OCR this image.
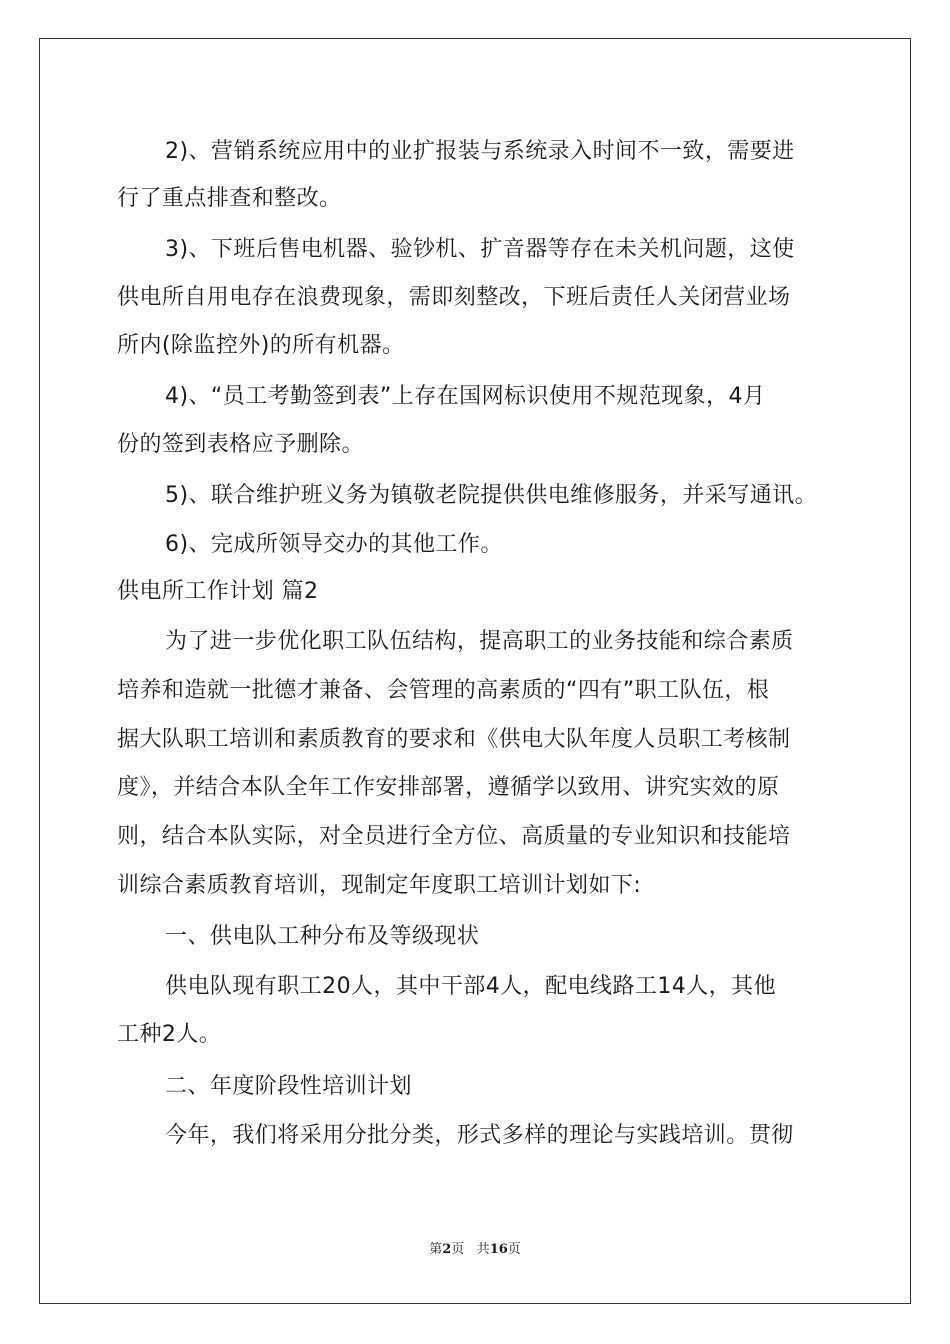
2)、营销系统应用中的业扩报装与系统录入时间不一致，需要进
行了重点排查和整改。
3)、下班后售电机器、验钞机、扩音器等存在未关机问题，这使
供电所自用电存在浪费现象，需即刻整改，下班后责任人关闭营业场
所内(除监控外)的所有机器。
4)、“员工考勤签到表”上存在国网标识使用不规范现象，4月
份的签到表格应予删除。
5)、联合维护班义务为镇敬老院提供供电维修服务，并采写通讯。
6)、完成所领导交办的其他工作。
供电所工作计划 篇2
为了进一步优化职工队伍结构，提高职工的业务技能和综合素质
培养和造就一批德才兼备、会管理的高素质的“四有”职工队伍，根
据大队职工培训和素质教育的要求和《供电大队年度人员职工考核制
度》，并结合本队全年工作安排部署，遵循学以致用、讲究实效的原
则，结合本队实际，对全员进行全方位、高质量的专业知识和技能培
训综合素质教育培训，现制定年度职工培训计划如下:
一、供电队工种分布及等级现状
供电队现有职工20人，其中干部4人，配电线路工14人，其他
工种2人。
二、年度阶段性培训计划
今年，我们将采用分批分类，形式多样的理论与实践培训。贯彻
第2页 共16页
